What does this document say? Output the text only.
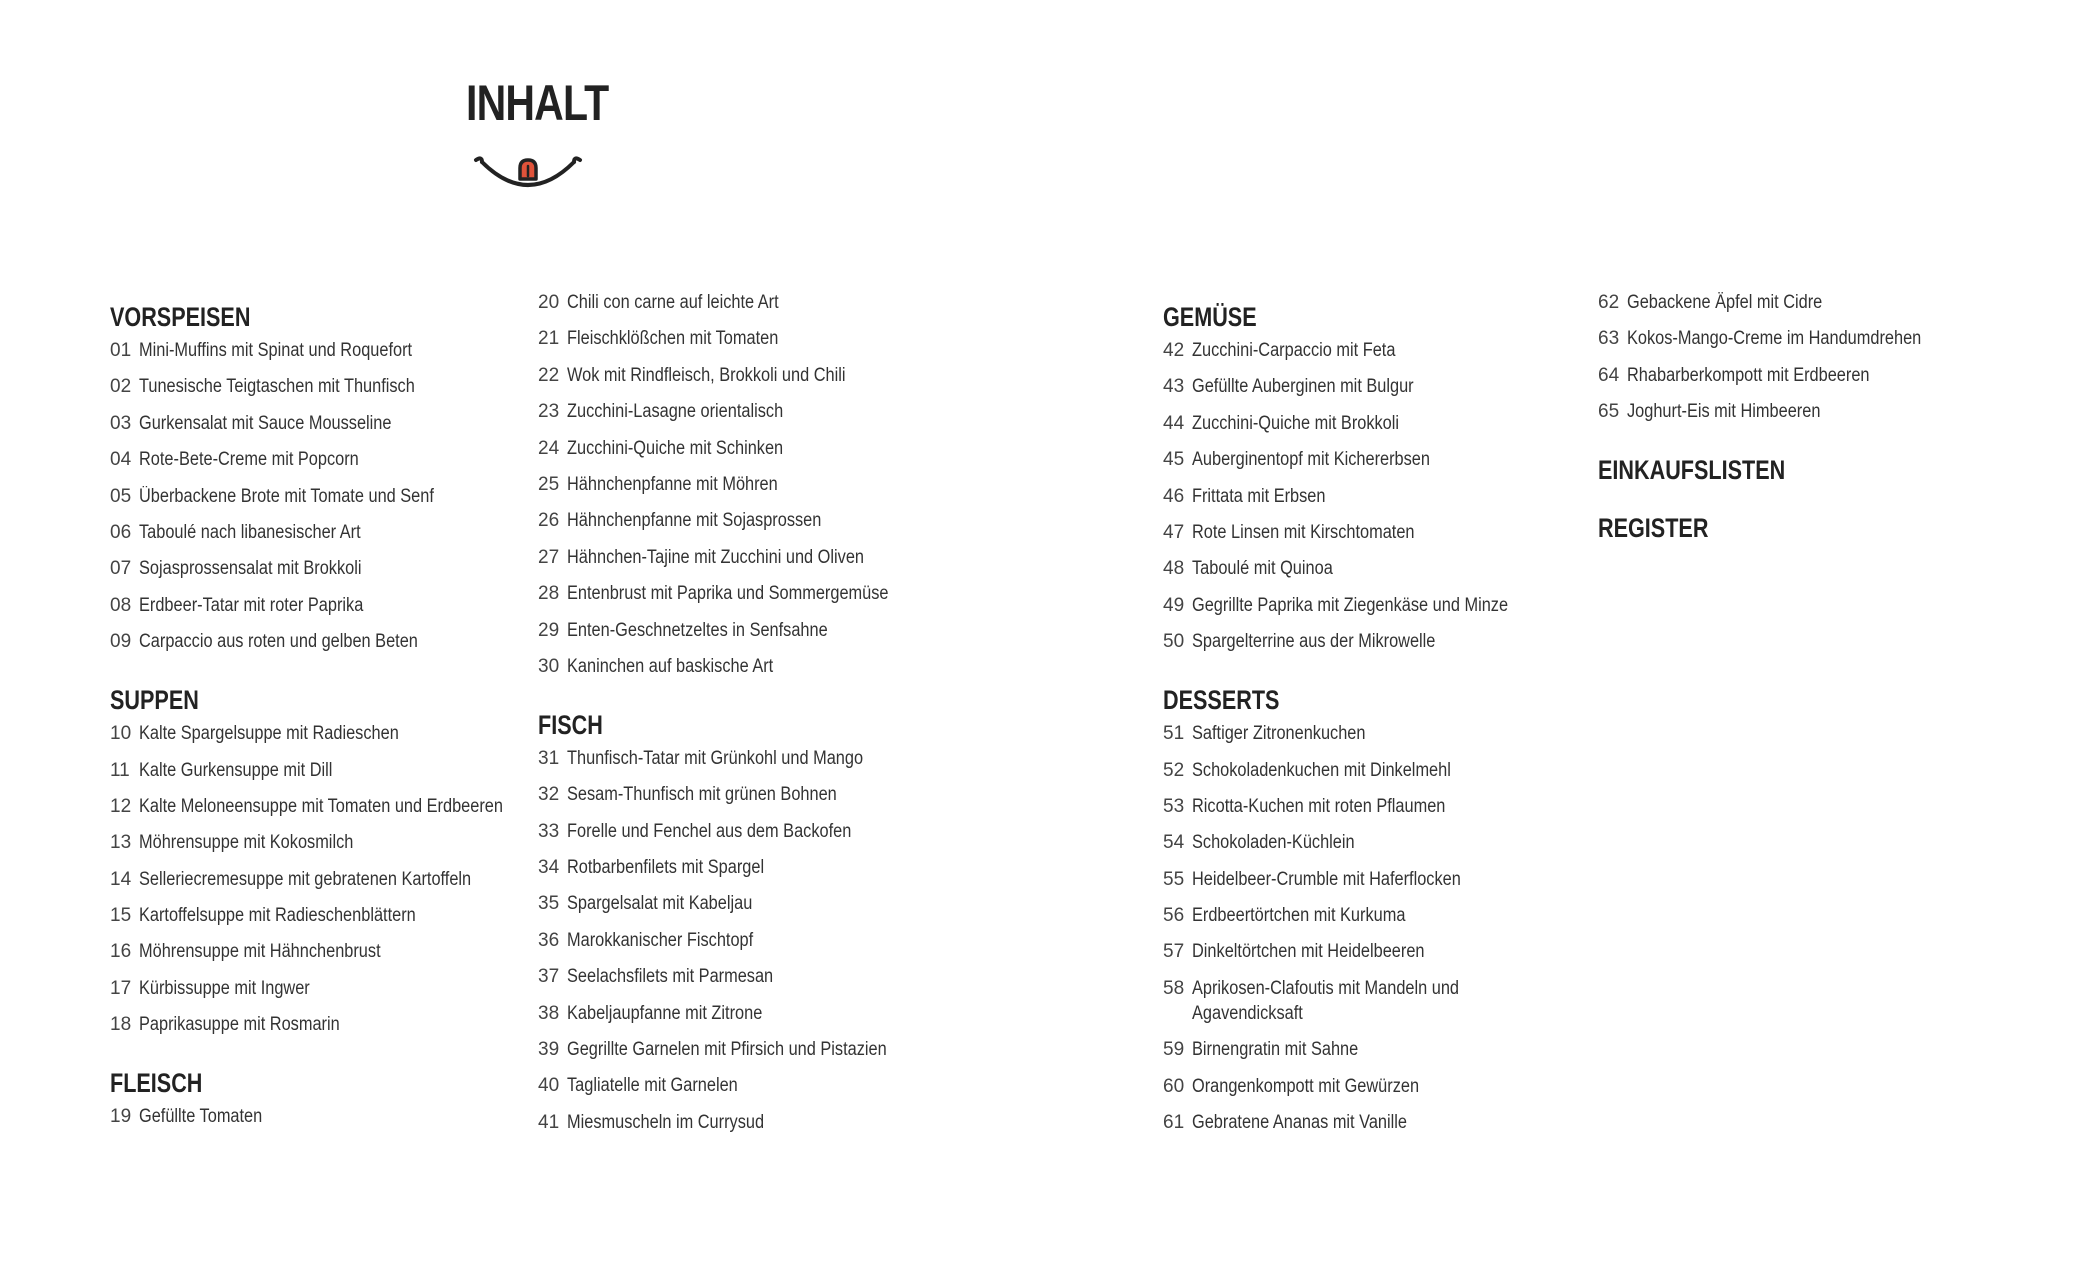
INHALT
VORSPEISEN
01 Mini-Muffins mit Spinat und Roquefort
02 Tunesische Teigtaschen mit Thunfisch
03 Gurkensalat mit Sauce Mousseline
04 Rote-Bete-Creme mit Popcorn
05 Überbackene Brote mit Tomate und Senf
06 Taboulé nach libanesischer Art
07 Sojasprossensalat mit Brokkoli
08 Erdbeer-Tatar mit roter Paprika
09 Carpaccio aus roten und gelben Beten
SUPPEN
10 Kalte Spargelsuppe mit Radieschen
11 Kalte Gurkensuppe mit Dill
12 Kalte Meloneensuppe mit Tomaten und Erdbeeren
13 Möhrensuppe mit Kokosmilch
14 Selleriecremesuppe mit gebratenen Kartoffeln
15 Kartoffelsuppe mit Radieschenblättern
16 Möhrensuppe mit Hähnchenbrust
17 Kürbissuppe mit Ingwer
18 Paprikasuppe mit Rosmarin
FLEISCH
19 Gefüllte Tomaten
20 Chili con carne auf leichte Art
21 Fleischklößchen mit Tomaten
22 Wok mit Rindfleisch, Brokkoli und Chili
23 Zucchini-Lasagne orientalisch
24 Zucchini-Quiche mit Schinken
25 Hähnchenpfanne mit Möhren
26 Hähnchenpfanne mit Sojasprossen
27 Hähnchen-Tajine mit Zucchini und Oliven
28 Entenbrust mit Paprika und Sommergemüse
29 Enten-Geschnetzeltes in Senfsahne
30 Kaninchen auf baskische Art
FISCH
31 Thunfisch-Tatar mit Grünkohl und Mango
32 Sesam-Thunfisch mit grünen Bohnen
33 Forelle und Fenchel aus dem Backofen
34 Rotbarbenfilets mit Spargel
35 Spargelsalat mit Kabeljau
36 Marokkanischer Fischtopf
37 Seelachsfilets mit Parmesan
38 Kabeljaupfanne mit Zitrone
39 Gegrillte Garnelen mit Pfirsich und Pistazien
40 Tagliatelle mit Garnelen
41 Miesmuscheln im Currysud
GEMÜSE
42 Zucchini-Carpaccio mit Feta
43 Gefüllte Auberginen mit Bulgur
44 Zucchini-Quiche mit Brokkoli
45 Auberginentopf mit Kichererbsen
46 Frittata mit Erbsen
47 Rote Linsen mit Kirschtomaten
48 Taboulé mit Quinoa
49 Gegrillte Paprika mit Ziegenkäse und Minze
50 Spargelterrine aus der Mikrowelle
DESSERTS
51 Saftiger Zitronenkuchen
52 Schokoladenkuchen mit Dinkelmehl
53 Ricotta-Kuchen mit roten Pflaumen
54 Schokoladen-Küchlein
55 Heidelbeer-Crumble mit Haferflocken
56 Erdbeertörtchen mit Kurkuma
57 Dinkeltörtchen mit Heidelbeeren
58 Aprikosen-Clafoutis mit Mandeln und Agavendicksaft
59 Birnengratin mit Sahne
60 Orangenkompott mit Gewürzen
61 Gebratene Ananas mit Vanille
62 Gebackene Äpfel mit Cidre
63 Kokos-Mango-Creme im Handumdrehen
64 Rhabarberkompott mit Erdbeeren
65 Joghurt-Eis mit Himbeeren
EINKAUFSLISTEN
REGISTER
